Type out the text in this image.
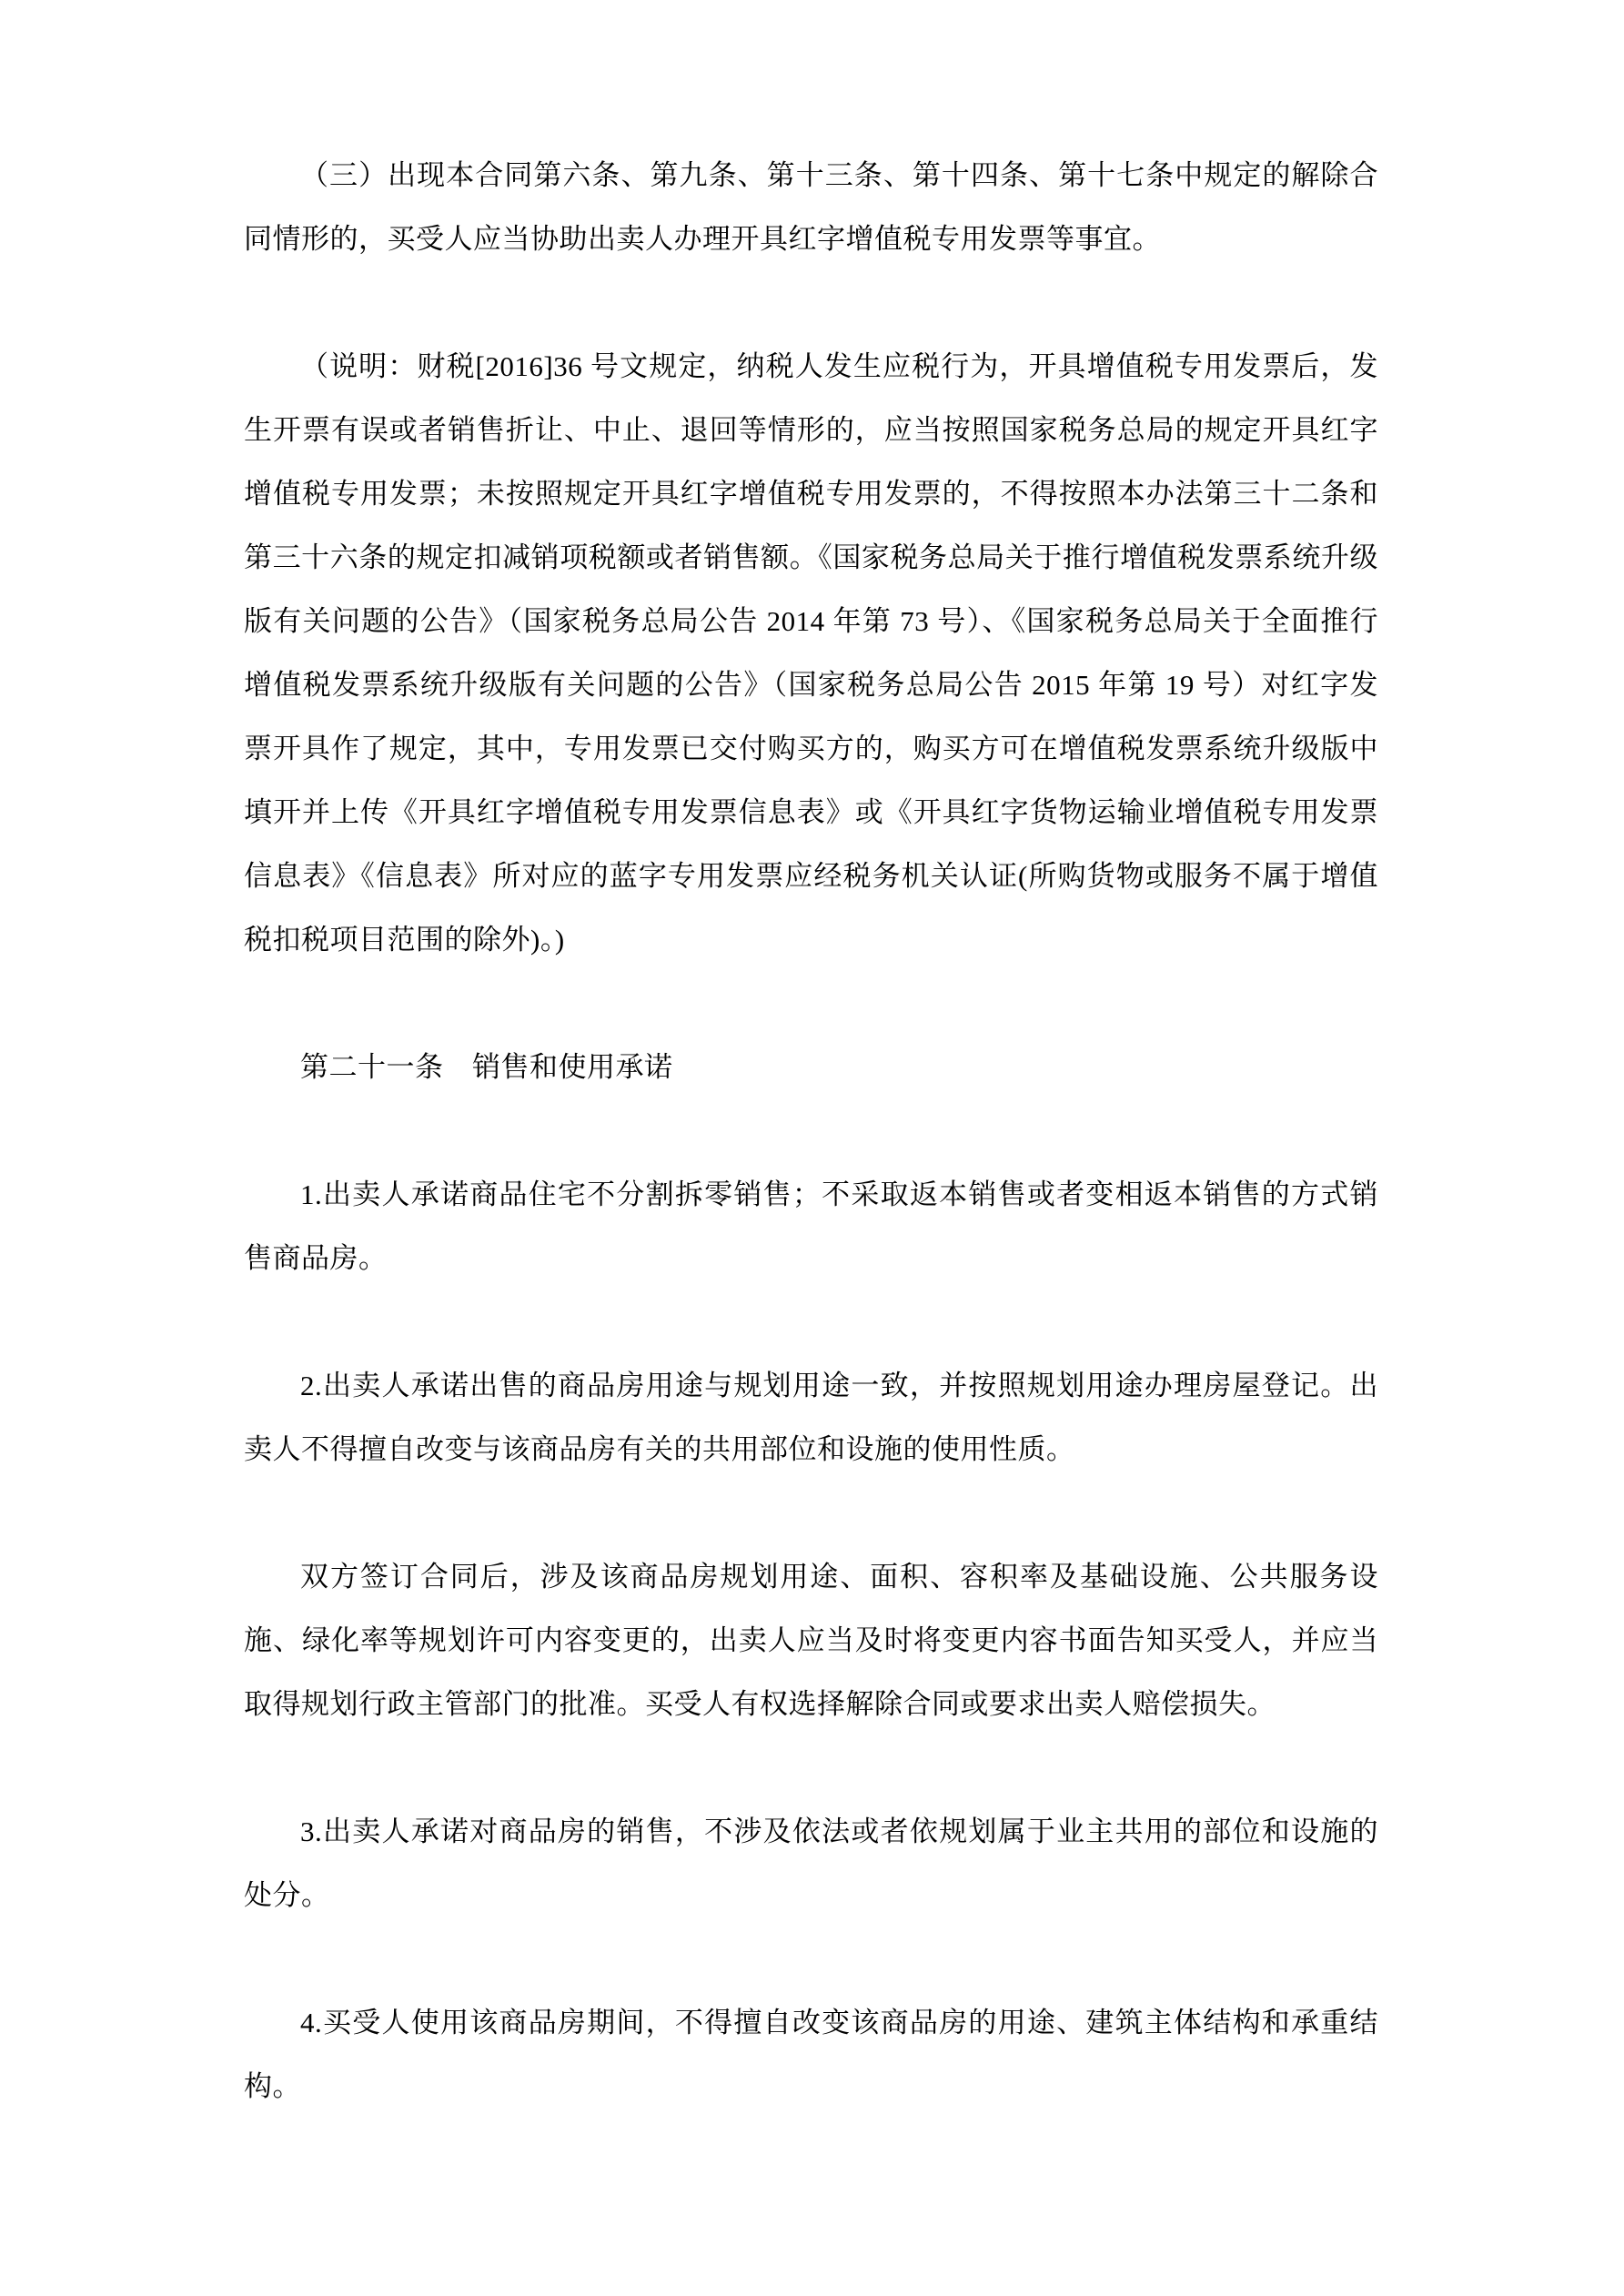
（三）出现本合同第六条、第九条、第十三条、第十四条、第十七条中规定的解除合同情形的，买受人应当协助出卖人办理开具红字增值税专用发票等事宜。

（说明：财税[2016]36 号文规定，纳税人发生应税行为，开具增值税专用发票后，发生开票有误或者销售折让、中止、退回等情形的，应当按照国家税务总局的规定开具红字增值税专用发票；未按照规定开具红字增值税专用发票的，不得按照本办法第三十二条和第三十六条的规定扣减销项税额或者销售额。《国家税务总局关于推行增值税发票系统升级版有关问题的公告》（国家税务总局公告 2014 年第 73 号）、《国家税务总局关于全面推行增值税发票系统升级版有关问题的公告》（国家税务总局公告 2015 年第 19 号）对红字发票开具作了规定，其中，专用发票已交付购买方的，购买方可在增值税发票系统升级版中填开并上传《开具红字增值税专用发票信息表》或《开具红字货物运输业增值税专用发票信息表》《信息表》所对应的蓝字专用发票应经税务机关认证(所购货物或服务不属于增值税扣税项目范围的除外)。)

第二十一条　销售和使用承诺

1.出卖人承诺商品住宅不分割拆零销售；不采取返本销售或者变相返本销售的方式销售商品房。

2.出卖人承诺出售的商品房用途与规划用途一致，并按照规划用途办理房屋登记。出卖人不得擅自改变与该商品房有关的共用部位和设施的使用性质。

双方签订合同后，涉及该商品房规划用途、面积、容积率及基础设施、公共服务设施、绿化率等规划许可内容变更的，出卖人应当及时将变更内容书面告知买受人，并应当取得规划行政主管部门的批准。买受人有权选择解除合同或要求出卖人赔偿损失。

3.出卖人承诺对商品房的销售，不涉及依法或者依规划属于业主共用的部位和设施的处分。

4.买受人使用该商品房期间，不得擅自改变该商品房的用途、建筑主体结构和承重结构。
